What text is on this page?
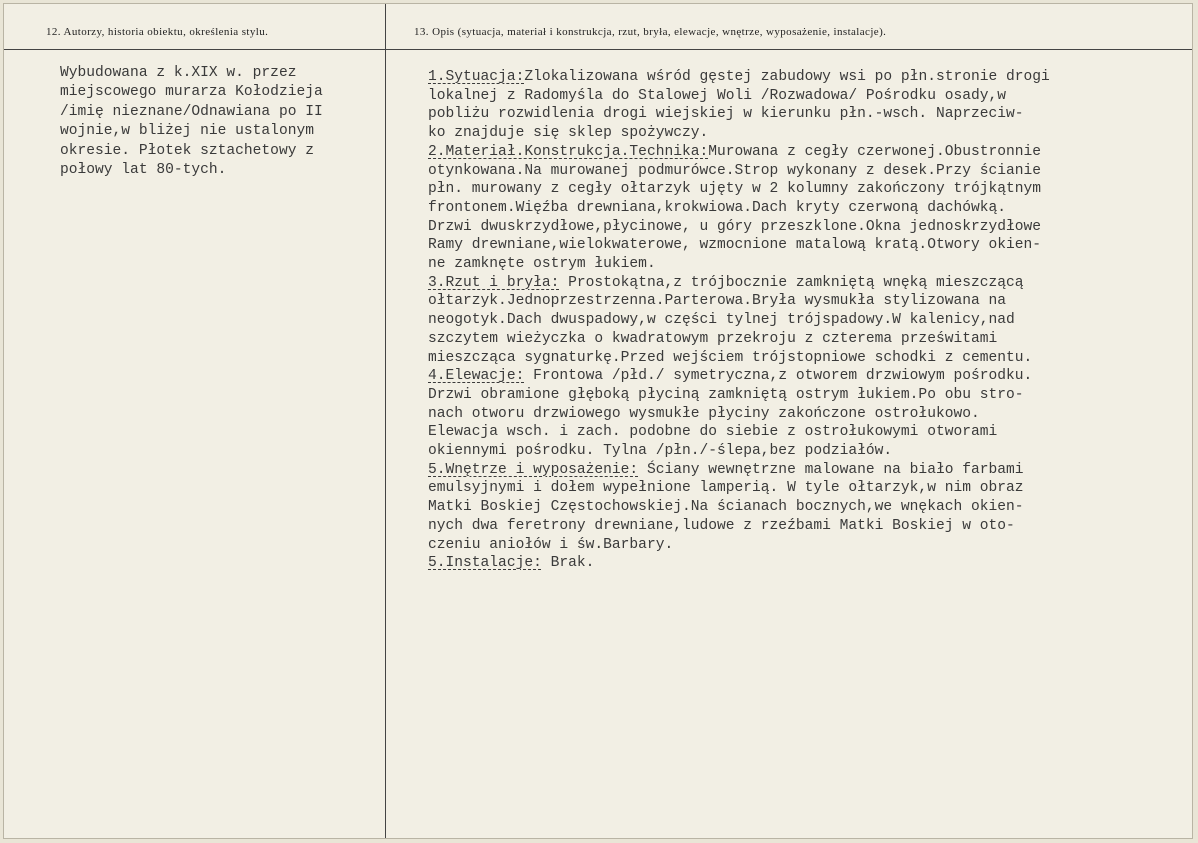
12. Autorzy, historia obiektu, określenia stylu.	13. Opis (sytuacja, materiał i konstrukcja, rzut, bryła, elewacje, wnętrze, wyposażenie, instalacje).
Wybudowana z k.XIX w. przez
miejscowego murarza Kołodzieja
/imię nieznane/Odnawiana po II
wojnie,w bliżej nie ustalonym
okresie. Płotek sztachetowy z
połowy lat 80-tych.
1.Sytuacja:Zlokalizowana wśród gęstej zabudowy wsi po płn.stronie drogi
lokalnej z Radomyśla do Stalowej Woli /Rozwadowa/ Pośrodku osady,w
pobliżu rozwidlenia drogi wiejskiej w kierunku płn.-wsch. Naprzeciw-
ko znajduje się sklep spożywczy.
2.Materiał.Konstrukcja.Technika:Murowana z cegły czerwonej.Obustronnie
otynkowana.Na murowanej podmurówce.Strop wykonany z desek.Przy ścianie
płn. murowany z cegły ołtarzyk ujęty w 2 kolumny zakończony trójkątnym
frontonem.Więźba drewniana,krokwiowa.Dach kryty czerwoną dachówką.
Drzwi dwuskrzydłowe,płycinowe, u góry przeszklone.Okna jednoskrzydłowe
Ramy drewniane,wielokwaterowe, wzmocnione matalową kratą.Otwory okien-
ne zamknęte ostrym łukiem.
3.Rzut i bryła: Prostokątna,z trójbocznie zamkniętą wnęką mieszczącą
ołtarzyk.Jednoprzestrzenna.Parterowa.Bryła wysmukła stylizowana na
neogotyk.Dach dwuspadowy,w części tylnej trójspadowy.W kalenicy,nad
szczytem wieżyczka o kwadratowym przekroju z czterema prześwitami
mieszcząca sygnaturkę.Przed wejściem trójstopniowe schodki z cementu.
4.Elewacje: Frontowa /płd./ symetryczna,z otworem drzwiowym pośrodku.
Drzwi obramione głęboką płyciną zamkniętą ostrym łukiem.Po obu stro-
nach otworu drzwiowego wysmukłe płyciny zakończone ostrołukowo.
Elewacja wsch. i zach. podobne do siebie z ostrołukowymi otworami
okiennymi pośrodku. Tylna /płn./-ślepa,bez podziałów.
5.Wnętrze i wyposażenie: Ściany wewnętrzne malowane na biało farbami
emulsyjnymi i dołem wypełnione lamperią. W tyle ołtarzyk,w nim obraz
Matki Boskiej Częstochowskiej.Na ścianach bocznych,we wnękach okien-
nych dwa feretrony drewniane,ludowe z rzeźbami Matki Boskiej w oto-
czeniu aniołów i św.Barbary.
5.Instalacje: Brak.
